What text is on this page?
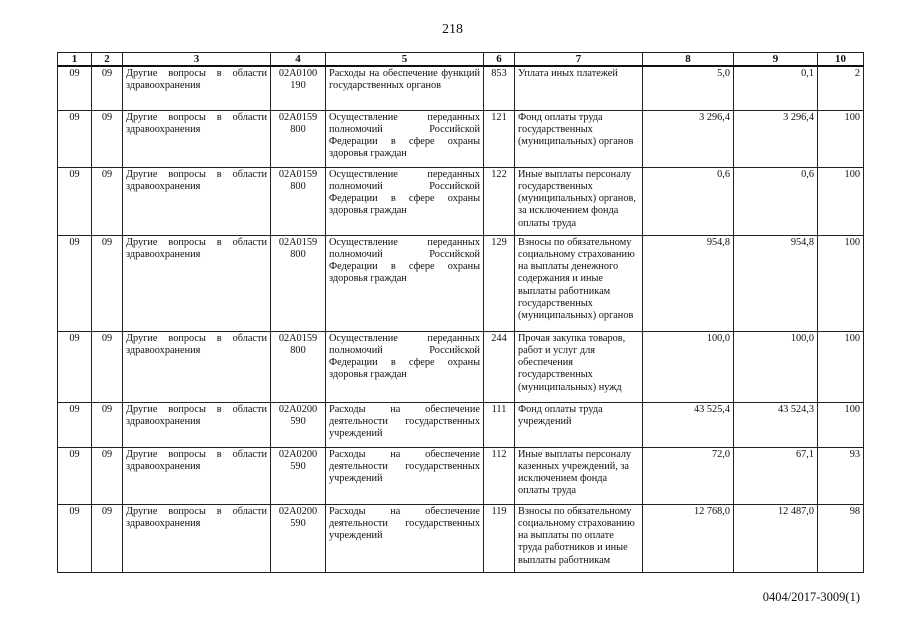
218
1	2	3	4	5	6	7	8	9	10
09	09	Другие вопросы в области здравоохранения	02А0100 190	Расходы на обеспечение функций государственных органов	853	Уплата иных платежей	5,0	0,1	2
09	09	Другие вопросы в области здравоохранения	02А0159 800	Осуществление переданных полномочий Российской Федерации в сфере охраны здоровья граждан	121	Фонд оплаты труда государственных (муниципальных) органов	3 296,4	3 296,4	100
09	09	Другие вопросы в области здравоохранения	02А0159 800	Осуществление переданных полномочий Российской Федерации в сфере охраны здоровья граждан	122	Иные выплаты персоналу государственных (муниципальных) органов, за исключением фонда оплаты труда	0,6	0,6	100
09	09	Другие вопросы в области здравоохранения	02А0159 800	Осуществление переданных полномочий Российской Федерации в сфере охраны здоровья граждан	129	Взносы по обязательному социальному страхованию на выплаты денежного содержания и иные выплаты работникам государственных (муниципальных) органов	954,8	954,8	100
09	09	Другие вопросы в области здравоохранения	02А0159 800	Осуществление переданных полномочий Российской Федерации в сфере охраны здоровья граждан	244	Прочая закупка товаров, работ и услуг для обеспечения государственных (муниципальных) нужд	100,0	100,0	100
09	09	Другие вопросы в области здравоохранения	02А0200 590	Расходы на обеспечение деятельности государственных учреждений	111	Фонд оплаты труда учреждений	43 525,4	43 524,3	100
09	09	Другие вопросы в области здравоохранения	02А0200 590	Расходы на обеспечение деятельности государственных учреждений	112	Иные выплаты персоналу казенных учреждений, за исключением фонда оплаты труда	72,0	67,1	93
09	09	Другие вопросы в области здравоохранения	02А0200 590	Расходы на обеспечение деятельности государственных учреждений	119	Взносы по обязательному социальному страхованию на выплаты по оплате труда работников и иные выплаты работникам	12 768,0	12 487,0	98
0404/2017-3009(1)
